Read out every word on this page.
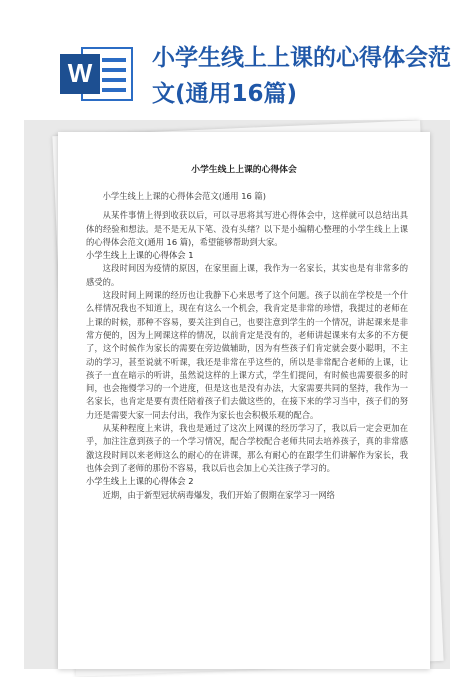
W	小学生线上上课的心得体会范文(通用16篇)
小学生线上上课的心得体会

小学生线上上课的心得体会范文(通用 16 篇)

从某件事情上得到收获以后，可以寻思将其写进心得体会中，这样就可以总结出具体的经验和想法。是不是无从下笔、没有头绪？以下是小编精心整理的小学生线上上课的心得体会范文(通用 16 篇)，希望能够帮助到大家。

小学生线上上课的心得体会 1

这段时间因为疫情的原因，在家里面上课，我作为一名家长，其实也是有非常多的感受的。

这段时间上网课的经历也让我静下心来思考了这个问题。孩子以前在学校是一个什么样情况我也不知道上，现在有这么一个机会，我肯定是非常的珍惜，我提过的老师在上课的时候，那种不容易，要关注到自己，也要注意到学生的一个情况，讲起课来是非常方便的，因为上网课这样的情况，以前肯定是没有的，老师讲起课来有太多的不方便了，这个时候作为家长的需要在旁边做辅助，因为有些孩子们肯定就会耍小聪明，不主动的学习，甚至说就不听课，我还是非常在乎这些的，所以是非常配合老师的上课，让孩子一直在暗示的听讲，虽然说这样的上课方式，学生们提问，有时候也需要很多的时间，也会拖慢学习的一个进度，但是这也是没有办法，大家需要共同的坚持，我作为一名家长，也肯定是要有责任陪着孩子们去做这些的，在接下来的学习当中，孩子们的努力还是需要大家一同去付出，我作为家长也会积极乐观的配合。

从某种程度上来讲，我也是通过了这次上网课的经历学习了，我以后一定会更加在乎，加注注意到孩子的一个学习情况，配合学校配合老师共同去培养孩子，真的非常感激这段时间以来老师这么的耐心的在讲课，那么有耐心的在跟学生们讲解作为家长，我也体会到了老师的那份不容易，我以后也会加上心关注孩子学习的。

小学生线上上课的心得体会 2

近期，由于新型冠状病毒爆发，我们开始了假期在家学习一网络
